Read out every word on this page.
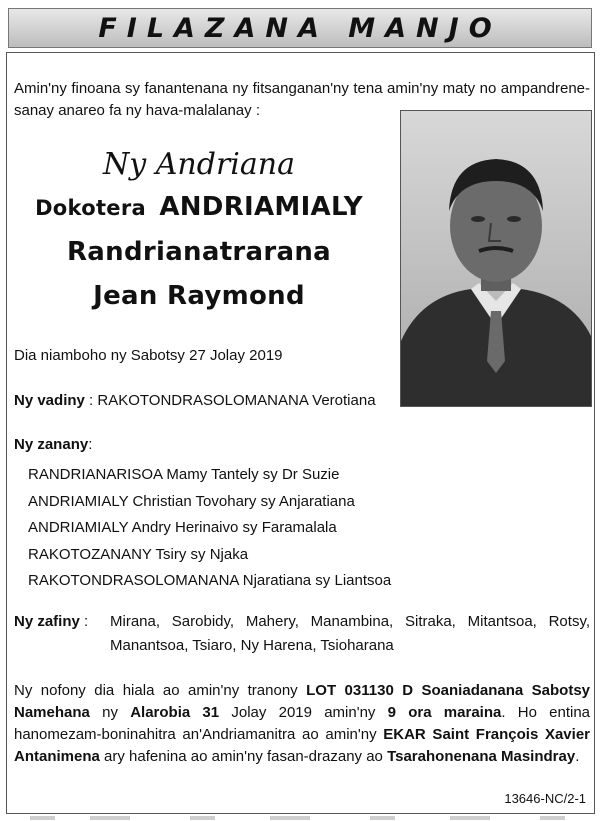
FILAZANA MANJO
Amin'ny finoana sy fanantenana ny fitsanganan'ny tena amin'ny maty no ampandrene-sanay anareo fa ny hava-malalanay :
Ny Andriana
Dokotera ANDRIAMIALY
Randrianatrarana
Jean Raymond
Dia niamboho ny Sabotsy 27 Jolay 2019
Ny vadiny : RAKOTONDRASOLOMANANA Verotiana
Ny zanany:
RANDRIANARISOA Mamy Tantely sy Dr Suzie
ANDRIAMIALY Christian Tovohary sy Anjaratiana
ANDRIAMIALY Andry Herinaivo sy Faramalala
RAKOTOZANANY Tsiry sy Njaka
RAKOTONDRASOLOMANANA Njaratiana sy Liantsoa
Ny zafiny :	Mirana, Sarobidy, Mahery, Manambina, Sitraka, Mitantsoa, Rotsy, Manantsoa, Tsiaro, Ny Harena, Tsioharana
Ny nofony dia hiala ao amin'ny tranony LOT 031130 D Soaniadanana Sabotsy Namehana ny Alarobia 31 Jolay 2019 amin'ny 9 ora maraina. Ho entina hanomezam-boninahitra an'Andriamanitra ao amin'ny EKAR Saint François Xavier Antanimena ary hafenina ao amin'ny fasan-drazany ao Tsarahonenana Masindray.
13646-NC/2-1
